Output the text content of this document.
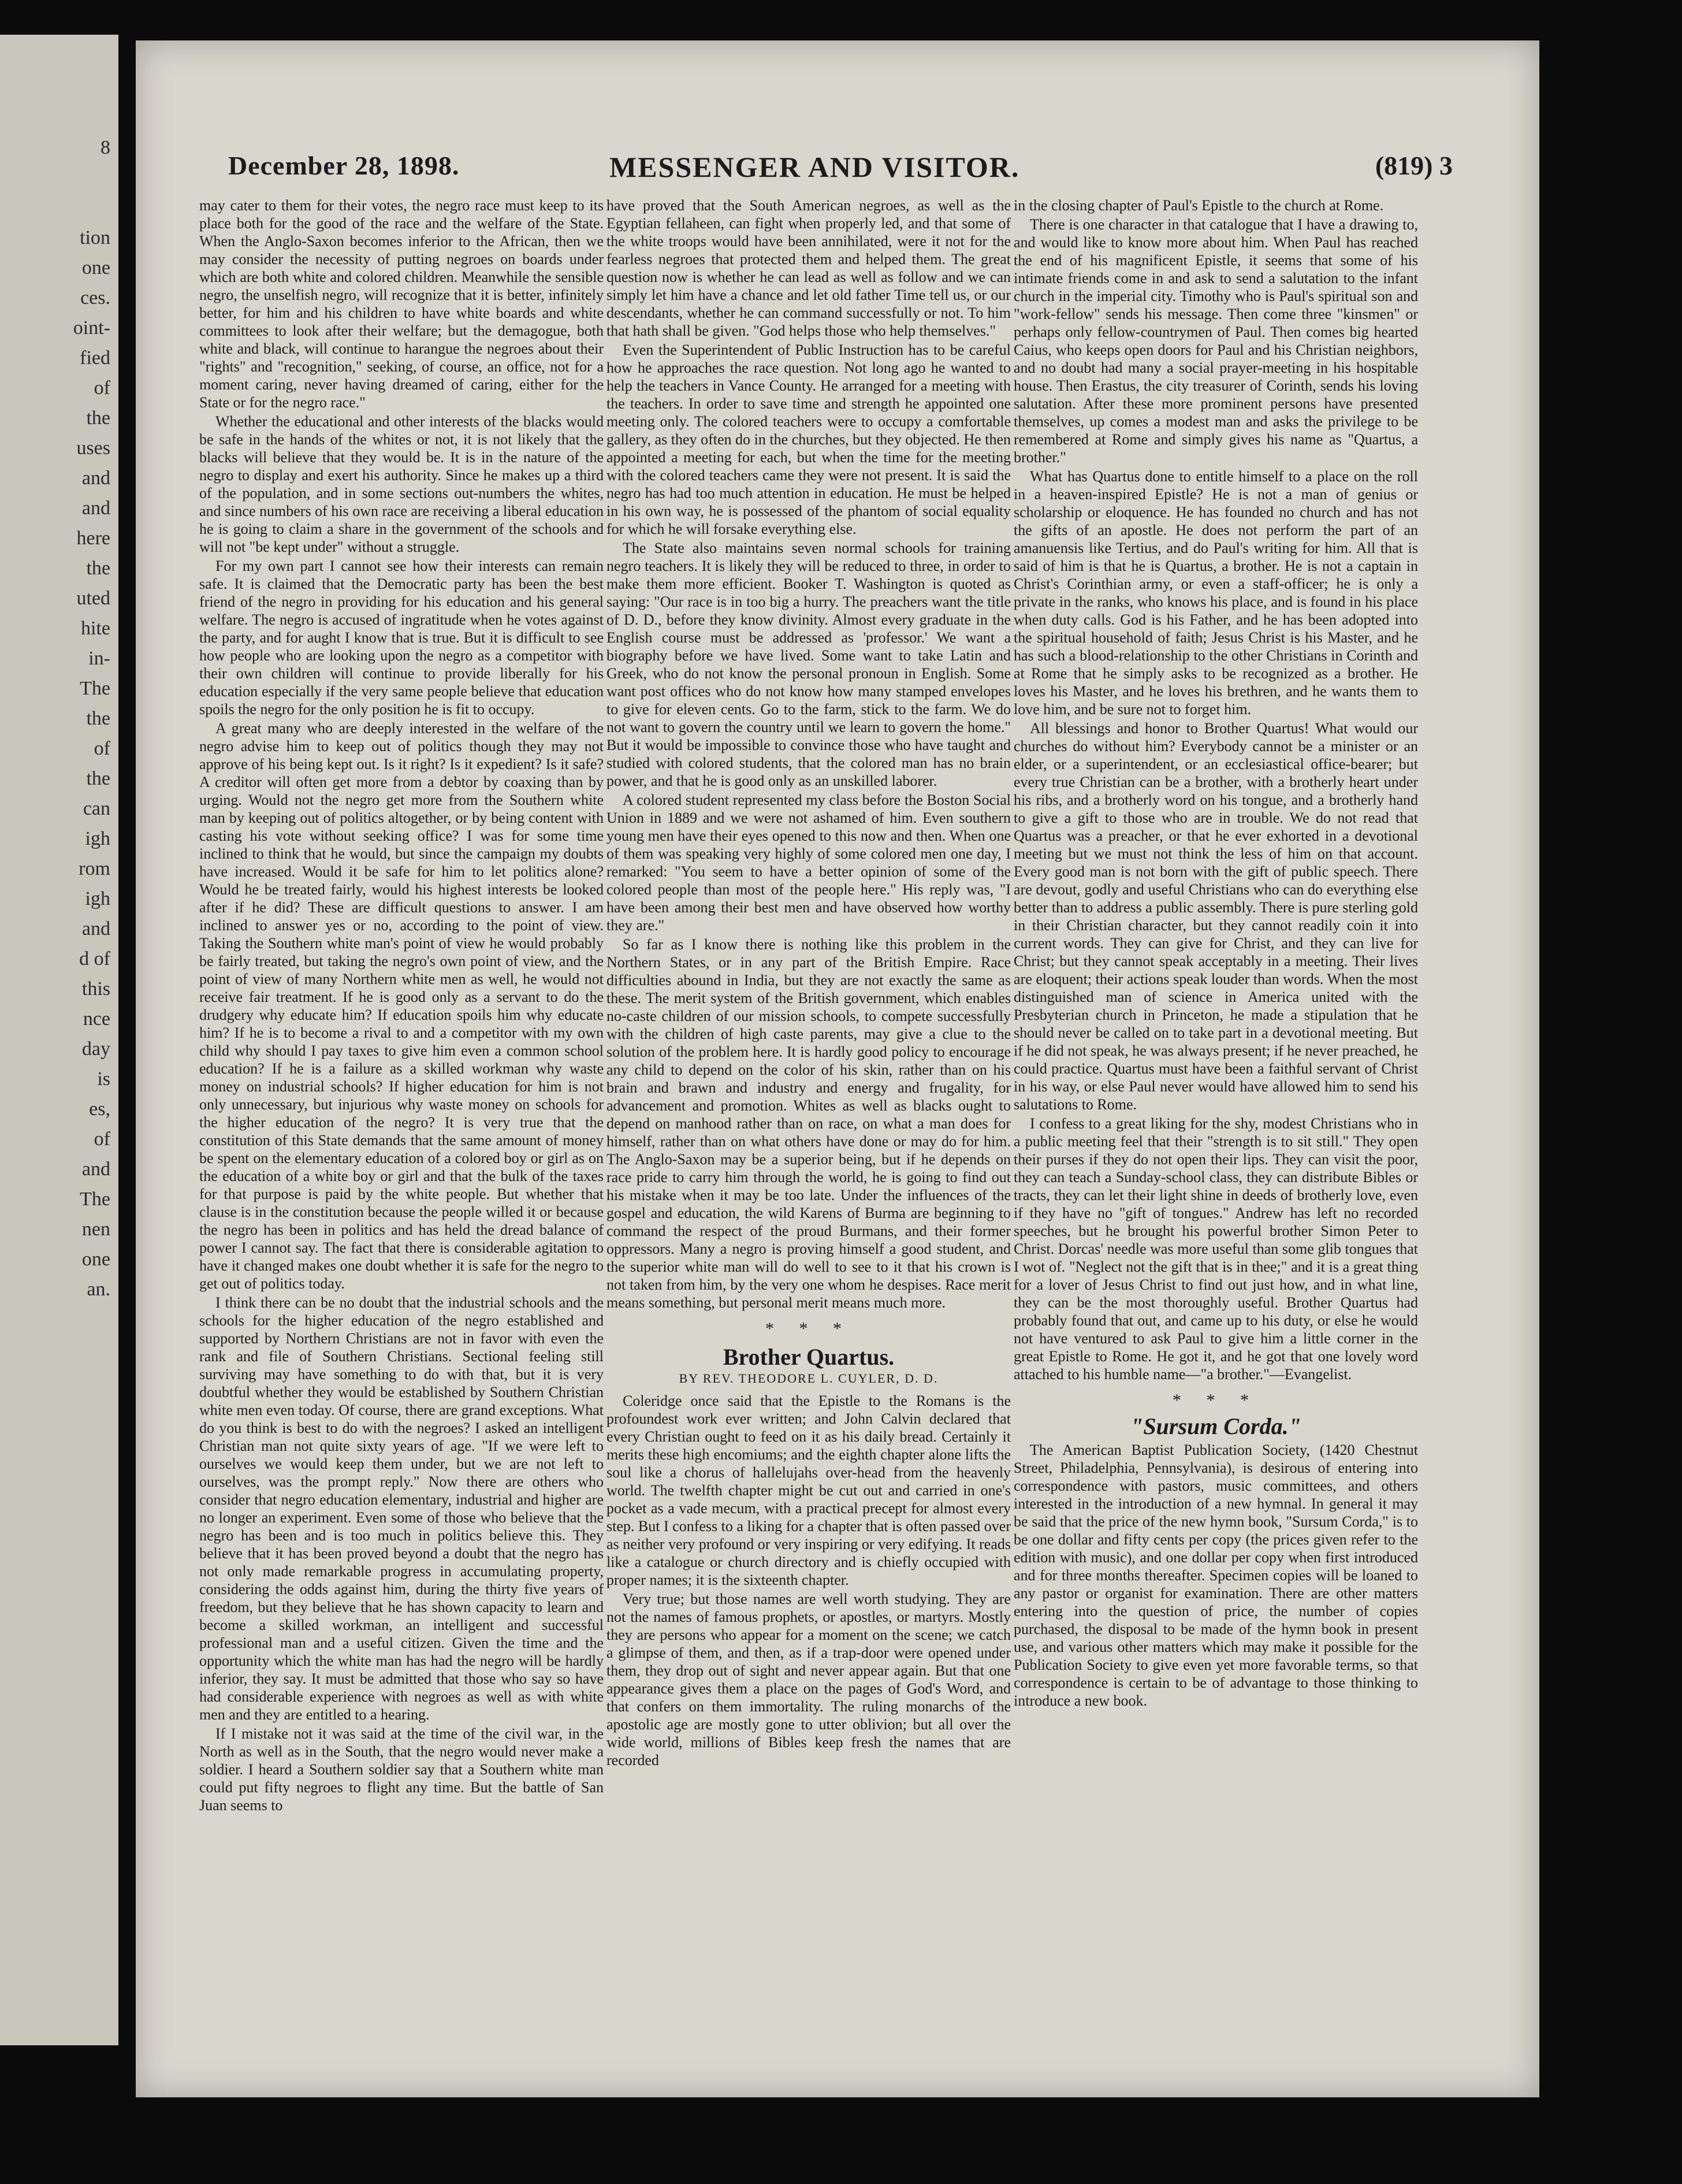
8

tion
one
ces.
oint-
fied
of
the
uses
and
and
here
the
uted
hite
in-
The
the
of
the
can
igh
rom
igh
and
d of
this
nce
day
is
es,
of
and
The
nen
one
an.
December 28, 1898.	MESSENGER AND VISITOR.	(819) 3

may cater to them for their votes, the negro race must keep to its place both for the good of the race and the welfare of the State. When the Anglo-Saxon becomes inferior to the African, then we may consider the necessity of putting negroes on boards under which are both white and colored children. Meanwhile the sensible negro, the unselfish negro, will recognize that it is better, infinitely better, for him and his children to have white boards and white committees to look after their welfare; but the demagogue, both white and black, will continue to harangue the negroes about their "rights" and "recognition," seeking, of course, an office, not for a moment caring, never having dreamed of caring, either for the State or for the negro race."

Whether the educational and other interests of the blacks would be safe in the hands of the whites or not, it is not likely that the blacks will believe that they would be. It is in the nature of the negro to display and exert his authority. Since he makes up a third of the population, and in some sections out-numbers the whites, and since numbers of his own race are receiving a liberal education he is going to claim a share in the government of the schools and will not "be kept under" without a struggle.

For my own part I cannot see how their interests can remain safe. It is claimed that the Democratic party has been the best friend of the negro in providing for his education and his general welfare. The negro is accused of ingratitude when he votes against the party, and for aught I know that is true. But it is difficult to see how people who are looking upon the negro as a competitor with their own children will continue to provide liberally for his education especially if the very same people believe that education spoils the negro for the only position he is fit to occupy.

A great many who are deeply interested in the welfare of the negro advise him to keep out of politics though they may not approve of his being kept out. Is it right? Is it expedient? Is it safe? A creditor will often get more from a debtor by coaxing than by urging. Would not the negro get more from the Southern white man by keeping out of politics altogether, or by being content with casting his vote without seeking office? I was for some time inclined to think that he would, but since the campaign my doubts have increased. Would it be safe for him to let politics alone? Would he be treated fairly, would his highest interests be looked after if he did? These are difficult questions to answer. I am inclined to answer yes or no, according to the point of view. Taking the Southern white man's point of view he would probably be fairly treated, but taking the negro's own point of view, and the point of view of many Northern white men as well, he would not receive fair treatment. If he is good only as a servant to do the drudgery why educate him? If education spoils him why educate him? If he is to become a rival to and a competitor with my own child why should I pay taxes to give him even a common school education? If he is a failure as a skilled workman why waste money on industrial schools? If higher education for him is not only unnecessary, but injurious why waste money on schools for the higher education of the negro? It is very true that the constitution of this State demands that the same amount of money be spent on the elementary education of a colored boy or girl as on the education of a white boy or girl and that the bulk of the taxes for that purpose is paid by the white people. But whether that clause is in the constitution because the people willed it or because the negro has been in politics and has held the dread balance of power I cannot say. The fact that there is considerable agitation to have it changed makes one doubt whether it is safe for the negro to get out of politics today.

I think there can be no doubt that the industrial schools and the schools for the higher education of the negro established and supported by Northern Christians are not in favor with even the rank and file of Southern Christians. Sectional feeling still surviving may have something to do with that, but it is very doubtful whether they would be established by Southern Christian white men even today. Of course, there are grand exceptions. What do you think is best to do with the negroes? I asked an intelligent Christian man not quite sixty years of age. "If we were left to ourselves we would keep them under, but we are not left to ourselves, was the prompt reply." Now there are others who consider that negro education elementary, industrial and higher are no longer an experiment. Even some of those who believe that the negro has been and is too much in politics believe this. They believe that it has been proved beyond a doubt that the negro has not only made remarkable progress in accumulating property, considering the odds against him, during the thirty five years of freedom, but they believe that he has shown capacity to learn and become a skilled workman, an intelligent and successful professional man and a useful citizen. Given the time and the opportunity which the white man has had the negro will be hardly inferior, they say. It must be admitted that those who say so have had considerable experience with negroes as well as with white men and they are entitled to a hearing.

If I mistake not it was said at the time of the civil war, in the North as well as in the South, that the negro would never make a soldier. I heard a Southern soldier say that a Southern white man could put fifty negroes to flight any time. But the battle of San Juan seems to

have proved that the South American negroes, as well as the Egyptian fellaheen, can fight when properly led, and that some of the white troops would have been annihilated, were it not for the fearless negroes that protected them and helped them. The great question now is whether he can lead as well as follow and we can simply let him have a chance and let old father Time tell us, or our descendants, whether he can command successfully or not. To him that hath shall be given. "God helps those who help themselves."

Even the Superintendent of Public Instruction has to be careful how he approaches the race question. Not long ago he wanted to help the teachers in Vance County. He arranged for a meeting with the teachers. In order to save time and strength he appointed one meeting only. The colored teachers were to occupy a comfortable gallery, as they often do in the churches, but they objected. He then appointed a meeting for each, but when the time for the meeting with the colored teachers came they were not present. It is said the negro has had too much attention in education. He must be helped in his own way, he is possessed of the phantom of social equality for which he will forsake everything else.

The State also maintains seven normal schools for training negro teachers. It is likely they will be reduced to three, in order to make them more efficient. Booker T. Washington is quoted as saying: "Our race is in too big a hurry. The preachers want the title of D. D., before they know divinity. Almost every graduate in the English course must be addressed as 'professor.' We want a biography before we have lived. Some want to take Latin and Greek, who do not know the personal pronoun in English. Some want post offices who do not know how many stamped envelopes to give for eleven cents. Go to the farm, stick to the farm. We do not want to govern the country until we learn to govern the home." But it would be impossible to convince those who have taught and studied with colored students, that the colored man has no brain power, and that he is good only as an unskilled laborer.

A colored student represented my class before the Boston Social Union in 1889 and we were not ashamed of him. Even southern young men have their eyes opened to this now and then. When one of them was speaking very highly of some colored men one day, I remarked: "You seem to have a better opinion of some of the colored people than most of the people here." His reply was, "I have been among their best men and have observed how worthy they are."

So far as I know there is nothing like this problem in the Northern States, or in any part of the British Empire. Race difficulties abound in India, but they are not exactly the same as these. The merit system of the British government, which enables no-caste children of our mission schools, to compete successfully with the children of high caste parents, may give a clue to the solution of the problem here. It is hardly good policy to encourage any child to depend on the color of his skin, rather than on his brain and brawn and industry and energy and frugality, for advancement and promotion. Whites as well as blacks ought to depend on manhood rather than on race, on what a man does for himself, rather than on what others have done or may do for him. The Anglo-Saxon may be a superior being, but if he depends on race pride to carry him through the world, he is going to find out his mistake when it may be too late. Under the influences of the gospel and education, the wild Karens of Burma are beginning to command the respect of the proud Burmans, and their former oppressors. Many a negro is proving himself a good student, and the superior white man will do well to see to it that his crown is not taken from him, by the very one whom he despises. Race merit means something, but personal merit means much more.

* * *
Brother Quartus.
BY REV. THEODORE L. CUYLER, D. D.

Coleridge once said that the Epistle to the Romans is the profoundest work ever written; and John Calvin declared that every Christian ought to feed on it as his daily bread. Certainly it merits these high encomiums; and the eighth chapter alone lifts the soul like a chorus of hallelujahs over-head from the heavenly world. The twelfth chapter might be cut out and carried in one's pocket as a vade mecum, with a practical precept for almost every step. But I confess to a liking for a chapter that is often passed over as neither very profound or very inspiring or very edifying. It reads like a catalogue or church directory and is chiefly occupied with proper names; it is the sixteenth chapter.

Very true; but those names are well worth studying. They are not the names of famous prophets, or apostles, or martyrs. Mostly they are persons who appear for a moment on the scene; we catch a glimpse of them, and then, as if a trap-door were opened under them, they drop out of sight and never appear again. But that one appearance gives them a place on the pages of God's Word, and that confers on them immortality. The ruling monarchs of the apostolic age are mostly gone to utter oblivion; but all over the wide world, millions of Bibles keep fresh the names that are recorded

in the closing chapter of Paul's Epistle to the church at Rome.

There is one character in that catalogue that I have a drawing to, and would like to know more about him. When Paul has reached the end of his magnificent Epistle, it seems that some of his intimate friends come in and ask to send a salutation to the infant church in the imperial city. Timothy who is Paul's spiritual son and "work-fellow" sends his message. Then come three "kinsmen" or perhaps only fellow-countrymen of Paul. Then comes big hearted Caius, who keeps open doors for Paul and his Christian neighbors, and no doubt had many a social prayer-meeting in his hospitable house. Then Erastus, the city treasurer of Corinth, sends his loving salutation. After these more prominent persons have presented themselves, up comes a modest man and asks the privilege to be remembered at Rome and simply gives his name as "Quartus, a brother."

What has Quartus done to entitle himself to a place on the roll in a heaven-inspired Epistle? He is not a man of genius or scholarship or eloquence. He has founded no church and has not the gifts of an apostle. He does not perform the part of an amanuensis like Tertius, and do Paul's writing for him. All that is said of him is that he is Quartus, a brother. He is not a captain in Christ's Corinthian army, or even a staff-officer; he is only a private in the ranks, who knows his place, and is found in his place when duty calls. God is his Father, and he has been adopted into the spiritual household of faith; Jesus Christ is his Master, and he has such a blood-relationship to the other Christians in Corinth and at Rome that he simply asks to be recognized as a brother. He loves his Master, and he loves his brethren, and he wants them to love him, and be sure not to forget him.

All blessings and honor to Brother Quartus! What would our churches do without him? Everybody cannot be a minister or an elder, or a superintendent, or an ecclesiastical office-bearer; but every true Christian can be a brother, with a brotherly heart under his ribs, and a brotherly word on his tongue, and a brotherly hand to give a gift to those who are in trouble. We do not read that Quartus was a preacher, or that he ever exhorted in a devotional meeting but we must not think the less of him on that account. Every good man is not born with the gift of public speech. There are devout, godly and useful Christians who can do everything else better than to address a public assembly. There is pure sterling gold in their Christian character, but they cannot readily coin it into current words. They can give for Christ, and they can live for Christ; but they cannot speak acceptably in a meeting. Their lives are eloquent; their actions speak louder than words. When the most distinguished man of science in America united with the Presbyterian church in Princeton, he made a stipulation that he should never be called on to take part in a devotional meeting. But if he did not speak, he was always present; if he never preached, he could practice. Quartus must have been a faithful servant of Christ in his way, or else Paul never would have allowed him to send his salutations to Rome.

I confess to a great liking for the shy, modest Christians who in a public meeting feel that their "strength is to sit still." They open their purses if they do not open their lips. They can visit the poor, they can teach a Sunday-school class, they can distribute Bibles or tracts, they can let their light shine in deeds of brotherly love, even if they have no "gift of tongues." Andrew has left no recorded speeches, but he brought his powerful brother Simon Peter to Christ. Dorcas' needle was more useful than some glib tongues that I wot of. "Neglect not the gift that is in thee;" and it is a great thing for a lover of Jesus Christ to find out just how, and in what line, they can be the most thoroughly useful. Brother Quartus had probably found that out, and came up to his duty, or else he would not have ventured to ask Paul to give him a little corner in the great Epistle to Rome. He got it, and he got that one lovely word attached to his humble name—"a brother."—Evangelist.

* * *
"Sursum Corda."

The American Baptist Publication Society, (1420 Chestnut Street, Philadelphia, Pennsylvania), is desirous of entering into correspondence with pastors, music committees, and others interested in the introduction of a new hymnal. In general it may be said that the price of the new hymn book, "Sursum Corda," is to be one dollar and fifty cents per copy (the prices given refer to the edition with music), and one dollar per copy when first introduced and for three months thereafter. Specimen copies will be loaned to any pastor or organist for examination. There are other matters entering into the question of price, the number of copies purchased, the disposal to be made of the hymn book in present use, and various other matters which may make it possible for the Publication Society to give even yet more favorable terms, so that correspondence is certain to be of advantage to those thinking to introduce a new book.
